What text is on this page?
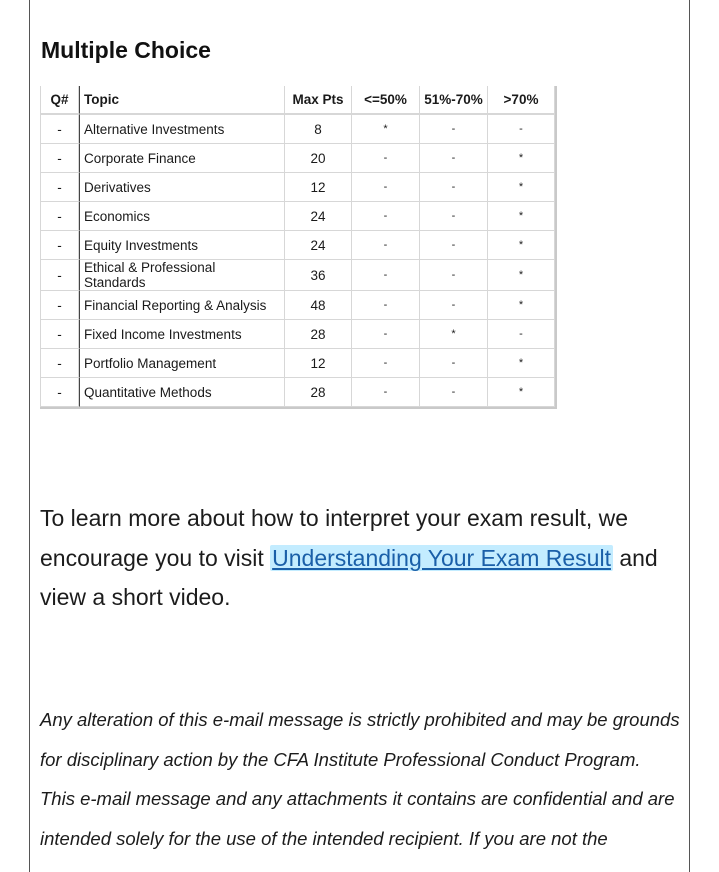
Multiple Choice
Q#	Topic	Max Pts	<=50%	51%-70%	>70%
-	Alternative Investments	8	*	-	-
-	Corporate Finance	20	-	-	*
-	Derivatives	12	-	-	*
-	Economics	24	-	-	*
-	Equity Investments	24	-	-	*
-	Ethical & Professional Standards	36	-	-	*
-	Financial Reporting & Analysis	48	-	-	*
-	Fixed Income Investments	28	-	*	-
-	Portfolio Management	12	-	-	*
-	Quantitative Methods	28	-	-	*

To learn more about how to interpret your exam result, we encourage you to visit Understanding Your Exam Result and view a short video.

Any alteration of this e-mail message is strictly prohibited and may be grounds for disciplinary action by the CFA Institute Professional Conduct Program.
This e-mail message and any attachments it contains are confidential and are intended solely for the use of the intended recipient. If you are not the
